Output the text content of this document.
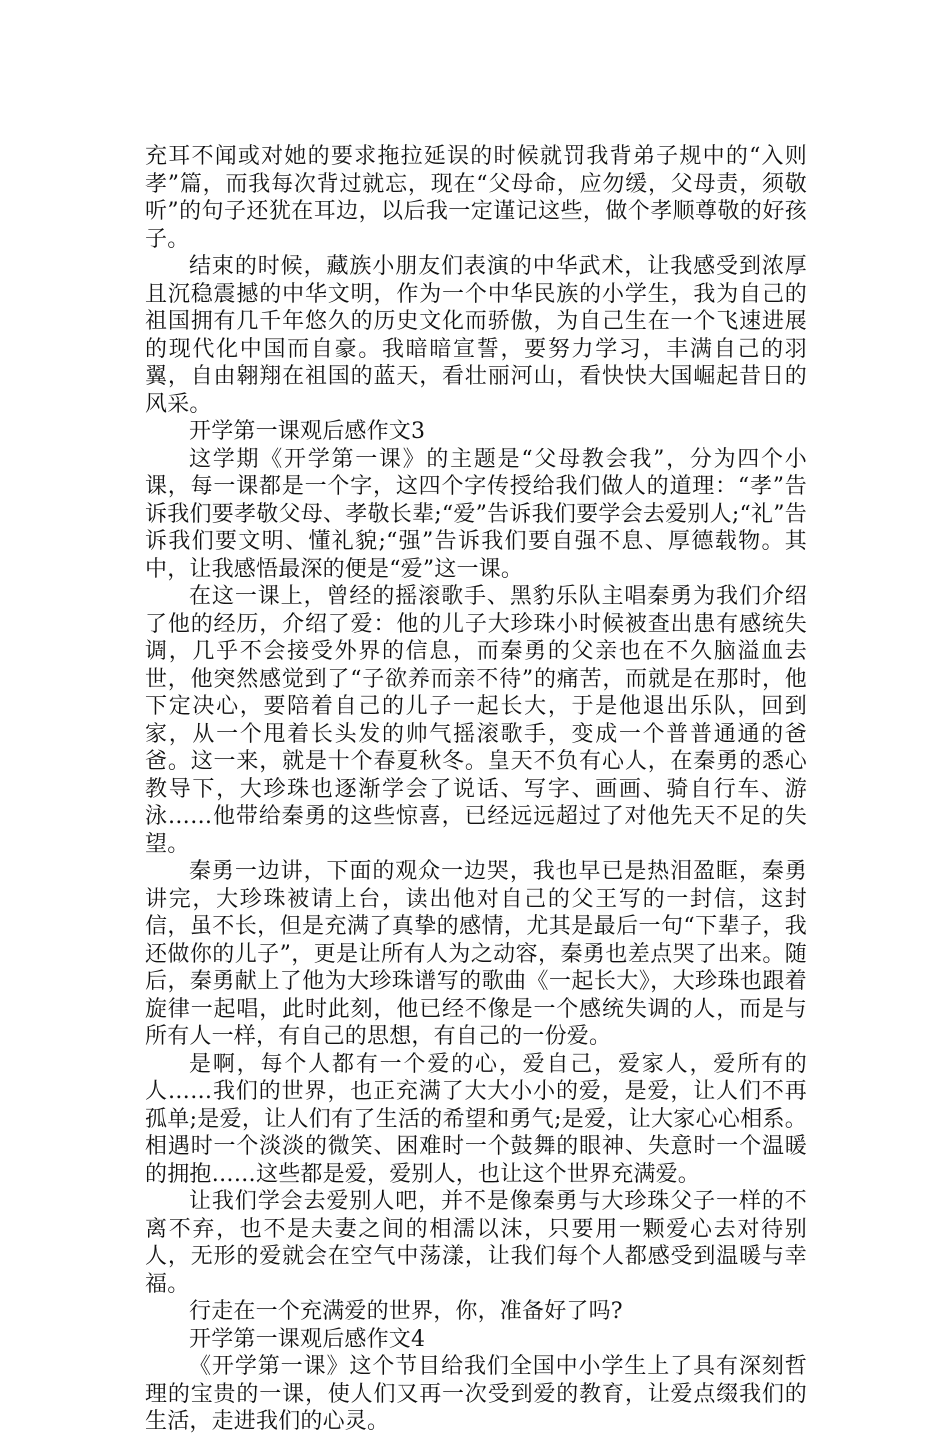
充耳不闻或对她的要求拖拉延误的时候就罚我背弟子规中的“入则孝”篇，而我每次背过就忘，现在“父母命，应勿缓，父母责，须敬听”的句子还犹在耳边，以后我一定谨记这些，做个孝顺尊敬的好孩子。

结束的时候，藏族小朋友们表演的中华武术，让我感受到浓厚且沉稳震撼的中华文明，作为一个中华民族的小学生，我为自己的祖国拥有几千年悠久的历史文化而骄傲，为自己生在一个飞速进展的现代化中国而自豪。我暗暗宣誓，要努力学习，丰满自己的羽翼，自由翱翔在祖国的蓝天，看壮丽河山，看快快大国崛起昔日的风采。

开学第一课观后感作文3

这学期《开学第一课》的主题是“父母教会我”，分为四个小课，每一课都是一个字，这四个字传授给我们做人的道理：“孝”告诉我们要孝敬父母、孝敬长辈;“爱”告诉我们要学会去爱别人;“礼”告诉我们要文明、懂礼貌;“强”告诉我们要自强不息、厚德载物。其中，让我感悟最深的便是“爱”这一课。

在这一课上，曾经的摇滚歌手、黑豹乐队主唱秦勇为我们介绍了他的经历，介绍了爱：他的儿子大珍珠小时候被查出患有感统失调，几乎不会接受外界的信息，而秦勇的父亲也在不久脑溢血去世，他突然感觉到了“子欲养而亲不待”的痛苦，而就是在那时，他下定决心，要陪着自己的儿子一起长大，于是他退出乐队，回到家，从一个甩着长头发的帅气摇滚歌手，变成一个普普通通的爸爸。这一来，就是十个春夏秋冬。皇天不负有心人，在秦勇的悉心教导下，大珍珠也逐渐学会了说话、写字、画画、骑自行车、游泳……他带给秦勇的这些惊喜，已经远远超过了对他先天不足的失望。

秦勇一边讲，下面的观众一边哭，我也早已是热泪盈眶，秦勇讲完，大珍珠被请上台，读出他对自己的父王写的一封信，这封信，虽不长，但是充满了真挚的感情，尤其是最后一句“下辈子，我还做你的儿子”，更是让所有人为之动容，秦勇也差点哭了出来。随后，秦勇献上了他为大珍珠谱写的歌曲《一起长大》，大珍珠也跟着旋律一起唱，此时此刻，他已经不像是一个感统失调的人，而是与所有人一样，有自己的思想，有自己的一份爱。

是啊，每个人都有一个爱的心，爱自己，爱家人，爱所有的人……我们的世界，也正充满了大大小小的爱，是爱，让人们不再孤单;是爱，让人们有了生活的希望和勇气;是爱，让大家心心相系。相遇时一个淡淡的微笑、困难时一个鼓舞的眼神、失意时一个温暖的拥抱……这些都是爱，爱别人，也让这个世界充满爱。

让我们学会去爱别人吧，并不是像秦勇与大珍珠父子一样的不离不弃，也不是夫妻之间的相濡以沫，只要用一颗爱心去对待别人，无形的爱就会在空气中荡漾，让我们每个人都感受到温暖与幸福。

行走在一个充满爱的世界，你，准备好了吗?

开学第一课观后感作文4

《开学第一课》这个节目给我们全国中小学生上了具有深刻哲理的宝贵的一课，使人们又再一次受到爱的教育，让爱点缀我们的生活，走进我们的心灵。
